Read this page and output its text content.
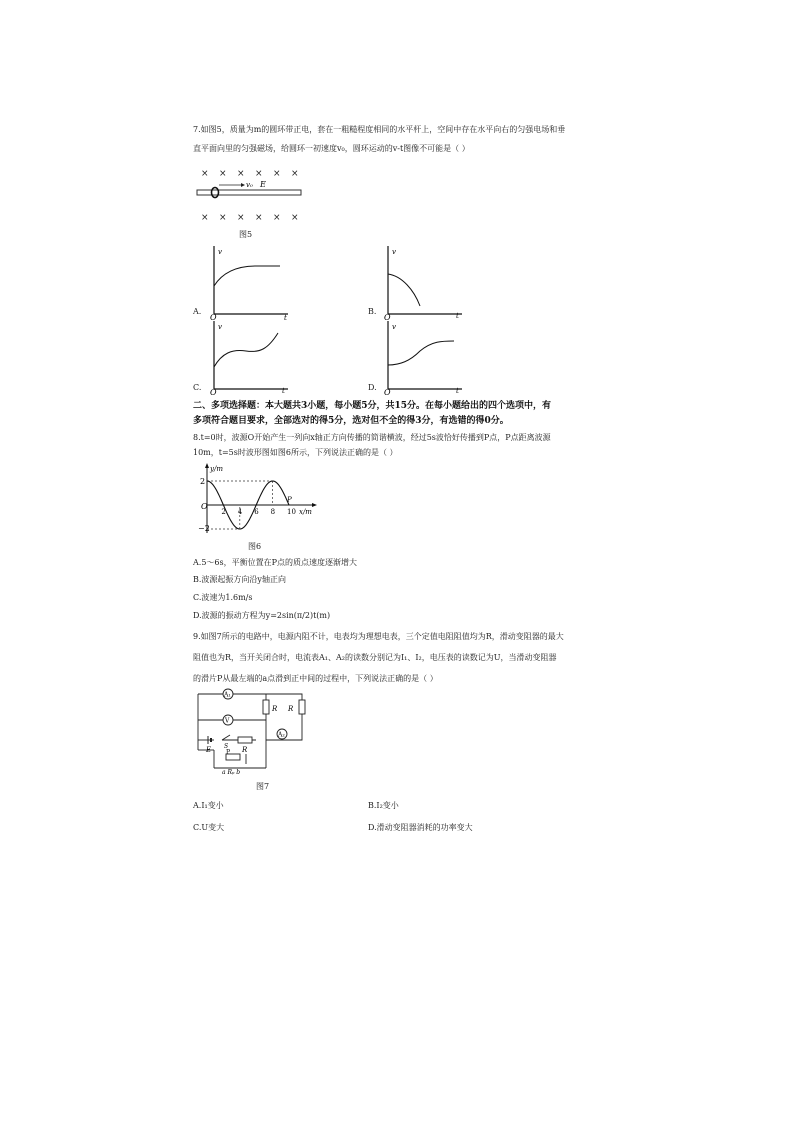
7.如图5，质量为m的圆环带正电，套在一粗糙程度相同的水平杆上，空间中存在水平向右的匀强电场和垂
直平面向里的匀强磁场，给圆环一初速度v₀，圆环运动的v-t图像不可能是（ ）
× × × × × ×
× × × × × ×
v₀ E
图5
A.
v
O	t
B.
v
O	t
C.
v
O	t	D.
v
O	t
二、多项选择题：本大题共3小题，每小题5分，共15分。在每小题给出的四个选项中，有
多项符合题目要求，全部选对的得5分，选对但不全的得3分，有选错的得0分。
8.t=0时，波源O开始产生一列向x轴正方向传播的简谐横波，经过5s波恰好传播到P点，P点距离波源
10m，t=5s时波形图如图6所示，下列说法正确的是（ ）
y/m
x/m
O
2
−2
P
2 4 6 8 10
图6
A.5～6s，平衡位置在P点的质点速度逐渐增大
B.波源起振方向沿y轴正向
C.波速为1.6m/s
D.波源的振动方程为y=2sin(π/2)t(m)
9.如图7所示的电路中，电源内阻不计，电表均为理想电表，三个定值电阻阻值均为R，滑动变阻器的最大
阻值也为R，当开关闭合时，电流表A₁、A₂的读数分别记为I₁、I₂，电压表的读数记为U，当滑动变阻器
的滑片P从最左端的a点滑到正中间的过程中，下列说法正确的是（ ）
A₁
V
A₂
R R
E S R
P
a Rₚ b
图7
A.I₁变小	B.I₂变小
C.U变大	D.滑动变阻器消耗的功率变大
